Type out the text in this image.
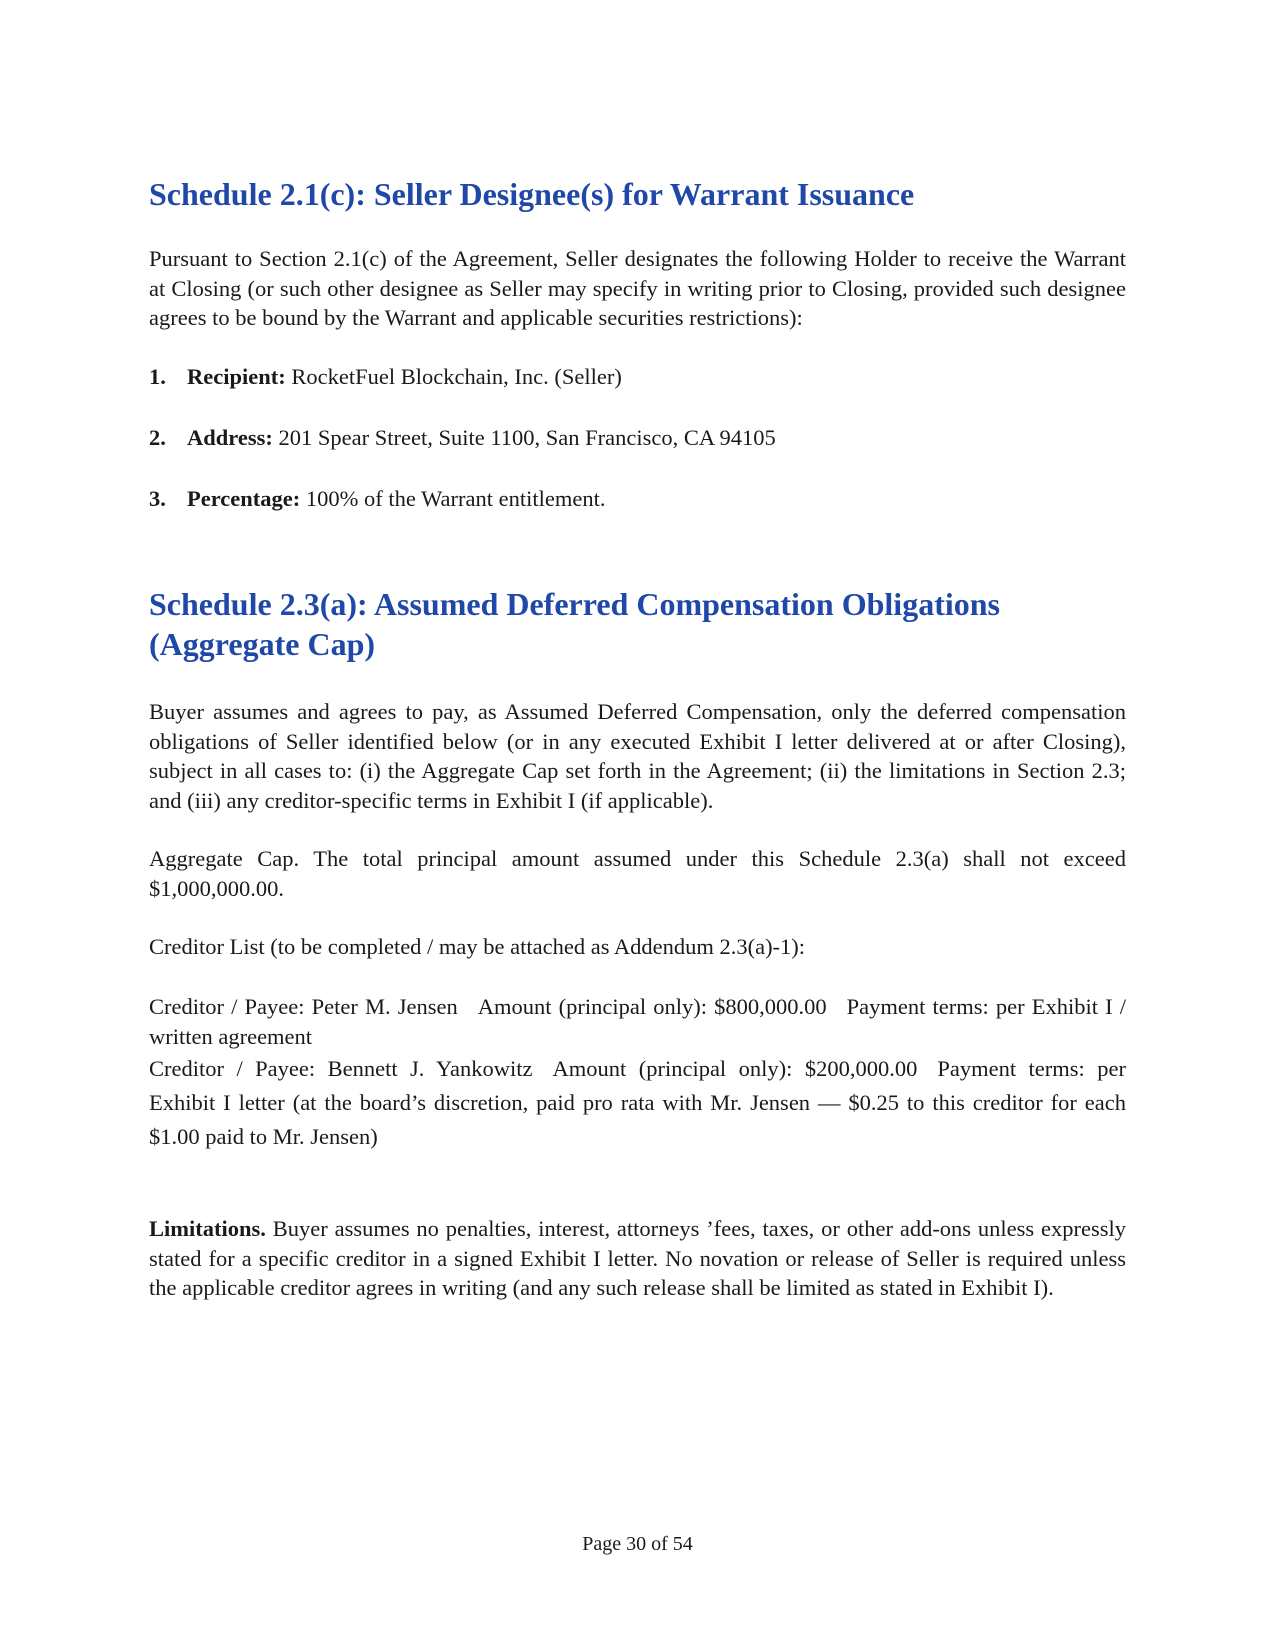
Schedule 2.1(c): Seller Designee(s) for Warrant Issuance

Pursuant to Section 2.1(c) of the Agreement, Seller designates the following Holder to receive the Warrant at Closing (or such other designee as Seller may specify in writing prior to Closing, provided such designee agrees to be bound by the Warrant and applicable securities restrictions):

1. Recipient: RocketFuel Blockchain, Inc. (Seller)
2. Address: 201 Spear Street, Suite 1100, San Francisco, CA 94105
3. Percentage: 100% of the Warrant entitlement.
Schedule 2.3(a): Assumed Deferred Compensation Obligations (Aggregate Cap)

Buyer assumes and agrees to pay, as Assumed Deferred Compensation, only the deferred compensation obligations of Seller identified below (or in any executed Exhibit I letter delivered at or after Closing), subject in all cases to: (i) the Aggregate Cap set forth in the Agreement; (ii) the limitations in Section 2.3; and (iii) any creditor-specific terms in Exhibit I (if applicable).

Aggregate Cap. The total principal amount assumed under this Schedule 2.3(a) shall not exceed $1,000,000.00.

Creditor List (to be completed / may be attached as Addendum 2.3(a)-1):

Creditor / Payee: Peter M. Jensen Amount (principal only): $800,000.00 Payment terms: per Exhibit I / written agreement

Creditor / Payee: Bennett J. Yankowitz Amount (principal only): $200,000.00 Payment terms: per Exhibit I letter (at the board’s discretion, paid pro rata with Mr. Jensen — $0.25 to this creditor for each $1.00 paid to Mr. Jensen)

Limitations. Buyer assumes no penalties, interest, attorneys ’fees, taxes, or other add-ons unless expressly stated for a specific creditor in a signed Exhibit I letter. No novation or release of Seller is required unless the applicable creditor agrees in writing (and any such release shall be limited as stated in Exhibit I).

Page 30 of 54
